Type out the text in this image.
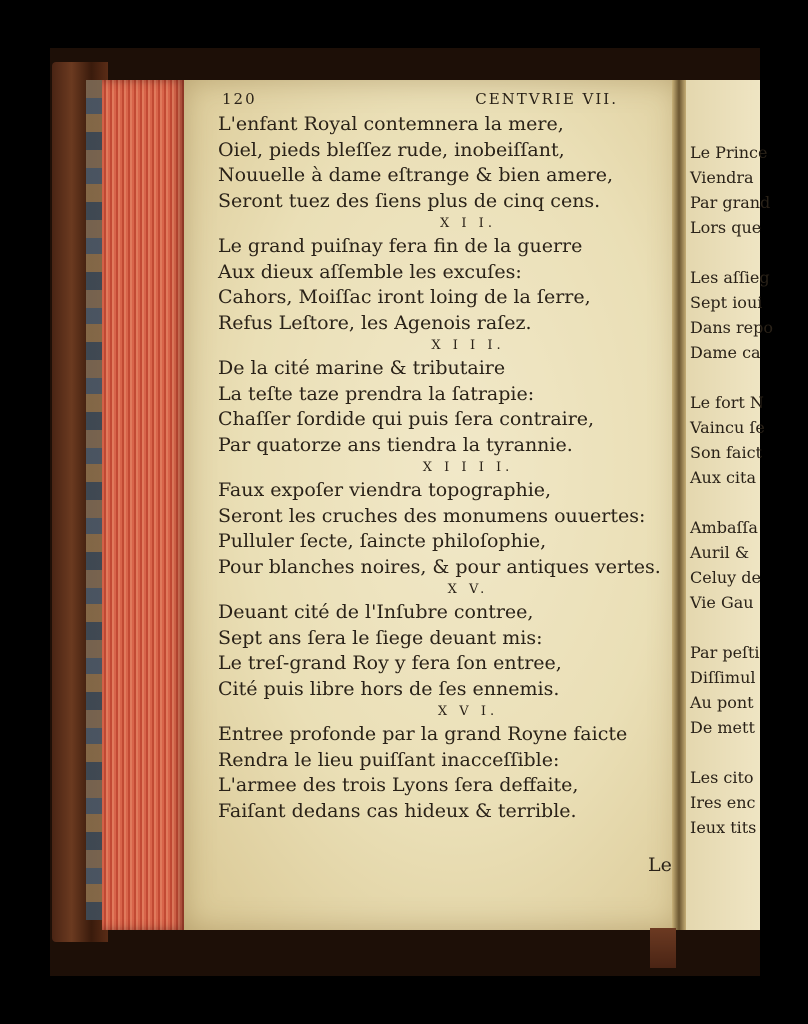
Le Prince
Viendra
Par grand
Lors que
Les aſſieg
Sept ioui
Dans repo
Dame ca
Le fort N
Vaincu ſe
Son faict
Aux cita
Ambaſſa
Auril &
Celuy de
Vie Gau
Par peſti
Diſſimul
Au pont
De mett
Les cito
Ires enc
Ieux tits
120	CENTVRIE VII.
L'enfant Royal contemnera la mere,
Oiel, pieds bleſſez rude, inobeiſſant,
Nouuelle à dame eſtrange & bien amere,
Seront tuez des ſiens plus de cinq cens.
X I I.
Le grand puiſnay fera fin de la guerre
Aux dieux aſſemble les excuſes:
Cahors, Moiſſac iront loing de la ſerre,
Refus Leſtore, les Agenois raſez.
X I I I.
De la cité marine & tributaire
La teſte taze prendra la ſatrapie:
Chaſſer ſordide qui puis ſera contraire,
Par quatorze ans tiendra la tyrannie.
X I I I I.
Faux expoſer viendra topographie,
Seront les cruches des monumens ouuertes:
Pulluler ſecte, ſaincte philoſophie,
Pour blanches noires, & pour antiques vertes.
X V.
Deuant cité de l'Inſubre contree,
Sept ans ſera le ſiege deuant mis:
Le treſ-grand Roy y fera ſon entree,
Cité puis libre hors de ſes ennemis.
X V I.
Entree profonde par la grand Royne faicte
Rendra le lieu puiſſant inacceſſible:
L'armee des trois Lyons ſera deffaite,
Faiſant dedans cas hideux & terrible.
Le
